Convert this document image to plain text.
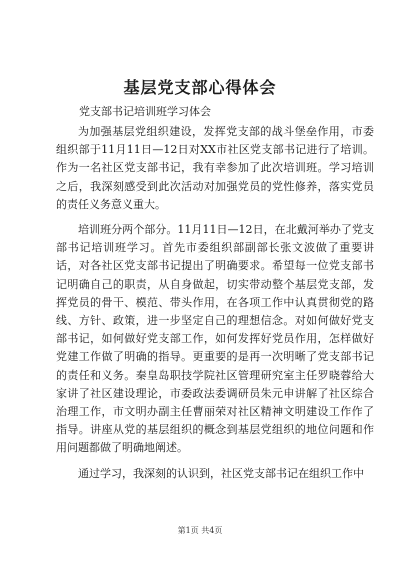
基层党支部心得体会

党支部书记培训班学习体会

为加强基层党组织建设，发挥党支部的战斗堡垒作用，市委组织部于11月11日—12日对XX市社区党支部书记进行了培训。作为一名社区党支部书记，我有幸参加了此次培训班。学习培训之后，我深刻感受到此次活动对加强党员的党性修养，落实党员的责任义务意义重大。

培训班分两个部分。11月11日—12日，在北戴河举办了党支部书记培训班学习。首先市委组织部副部长张文波做了重要讲话，对各社区党支部书记提出了明确要求。希望每一位党支部书记明确自己的职责，从自身做起，切实带动整个基层党支部，发挥党员的骨干、模范、带头作用，在各项工作中认真贯彻党的路线、方针、政策，进一步坚定自己的理想信念。对如何做好党支部书记，如何做好党支部工作，如何发挥好党员作用，怎样做好党建工作做了明确的指导。更重要的是再一次明晰了党支部书记的责任和义务。秦皇岛职技学院社区管理研究室主任罗晓蓉给大家讲了社区建设理论，市委政法委调研员朱元申讲解了社区综合治理工作，市文明办副主任曹丽荣对社区精神文明建设工作作了指导。讲座从党的基层组织的概念到基层党组织的地位问题和作用问题都做了明确地阐述。

通过学习，我深刻的认识到，社区党支部书记在组织工作中

第1页 共4页
